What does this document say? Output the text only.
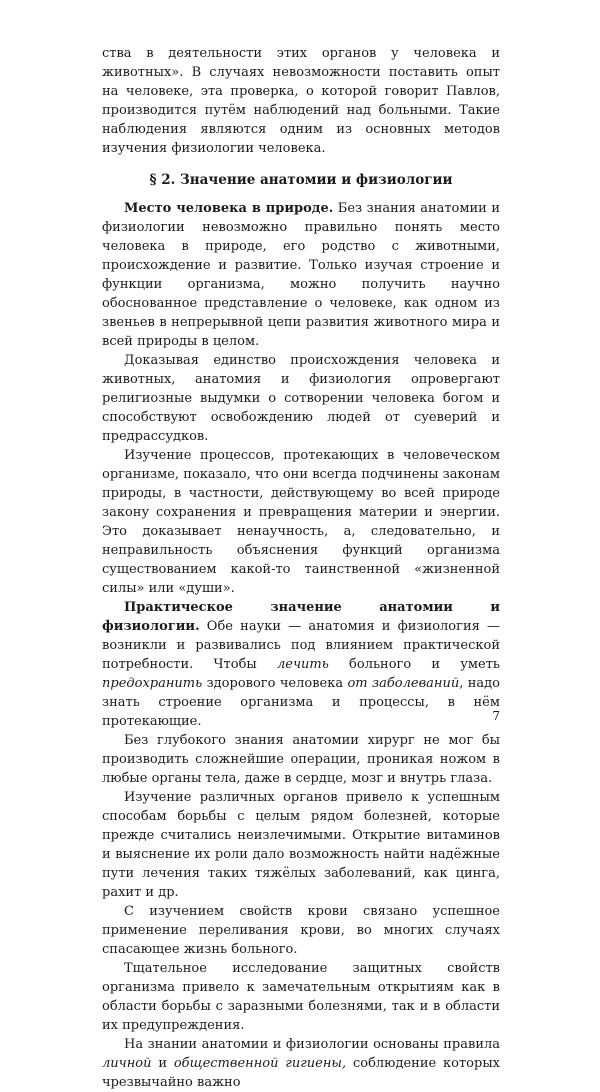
ства в деятельности этих органов у человека и животных». В случаях невозможности поставить опыт на человеке, эта проверка, о которой говорит Павлов, производится путём наблюдений над больными. Такие наблюдения являются одним из основных методов изучения физиологии человека.

§ 2. Значение анатомии и физиологии

Место человека в природе. Без знания анатомии и физиологии невозможно правильно понять место человека в природе, его родство с животными, происхождение и развитие. Только изучая строение и функции организма, можно получить научно обоснованное представление о человеке, как одном из звеньев в непрерывной цепи развития животного мира и всей природы в целом.

Доказывая единство происхождения человека и животных, анатомия и физиология опровергают религиозные выдумки о сотворении человека богом и способствуют освобождению людей от суеверий и предрассудков.

Изучение процессов, протекающих в человеческом организме, показало, что они всегда подчинены законам природы, в частности, действующему во всей природе закону сохранения и превращения материи и энергии. Это доказывает ненаучность, а, следовательно, и неправильность объяснения функций организма существованием какой-то таинственной «жизненной силы» или «души».

Практическое значение анатомии и физиологии. Обе науки — анатомия и физиология — возникли и развивались под влиянием практической потребности. Чтобы лечить больного и уметь предохранить здорового человека от заболеваний, надо знать строение организма и процессы, в нём протекающие.

Без глубокого знания анатомии хирург не мог бы производить сложнейшие операции, проникая ножом в любые органы тела, даже в сердце, мозг и внутрь глаза.

Изучение различных органов привело к успешным способам борьбы с целым рядом болезней, которые прежде считались неизлечимыми. Открытие витаминов и выяснение их роли дало возможность найти надёжные пути лечения таких тяжёлых заболеваний, как цинга, рахит и др.

С изучением свойств крови связано успешное применение переливания крови, во многих случаях спасающее жизнь больного.

Тщательное исследование защитных свойств организма привело к замечательным открытиям как в области борьбы с заразными болезнями, так и в области их предупреждения.

На знании анатомии и физиологии основаны правила личной и общественной гигиены, соблюдение которых чрезвычайно важно

7
